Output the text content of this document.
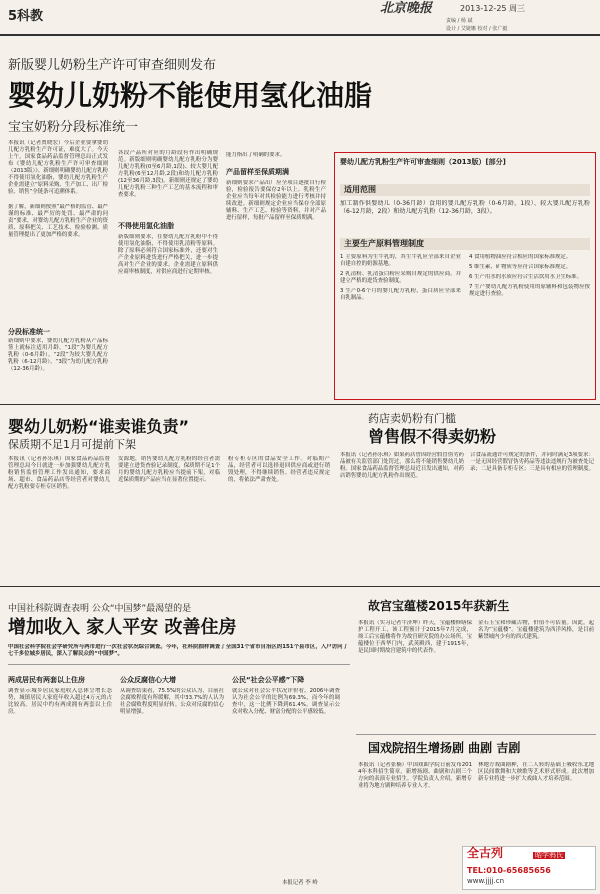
5科教
北京晚报	2013-12-25 周三
责编 / 杨 斌
设计 / 艾婕娜 校对 / 张广毅
新版婴儿奶粉生产许可审查细则发布
婴幼儿奶粉不能使用氢化油脂
宝宝奶粉分段标准统一
本报讯（记者贾晓宏）今后企业要拿婴幼儿配方乳粉生产许可证，难度大了。今天上午，国家食品药品监督管理总局正式发布《婴幼儿配方乳粉生产许可审查细则（2013版）》。新细则明确婴幼儿配方乳粉不得使用氢化油脂，婴幼儿配方乳粉生产企业需建立“原料采购、生产加工、出厂检验、销售”全链条可追溯体系。
据了解，新细则按照“最严格的监管、最严谨的标准、最严厉的处罚、最严肃的问责”要求，对婴幼儿配方乳粉生产企业的资质、原料把关、工艺技术、检验检测、质量管理提出了更加严格的要求。
分段标准统一
新细则中要求，婴幼儿配方乳粉从产品标签上就标注适用月龄。“1段”为婴儿配方乳粉（0-6月龄），“2段”为较大婴儿配方乳粉（6-12月龄），“3段”为幼儿配方乳粉（12-36月龄）。
各段产品所对应的月龄段有作出明确规范。新版细则明确婴幼儿配方乳粉分为婴儿配方乳粉(0至6月龄,1段)、较大婴儿配方乳粉(6至12月龄,2段)和幼儿配方乳粉(12至36月龄,3段)。新细则还规定了婴幼儿配方乳粉三种生产工艺的基本流程和审查要求。
不得使用氢化油脂
新版细则要求，在婴幼儿配方乳粉中不得使用氢化油脂，不得使用乳清粉等原料。除了原料必须符合国家标准外，还要对生产企业原料进货进行严格把关，进一步提高对生产企业的要求。企业需建立原料供应商审核制度，对供应商进行定期审核。
能力指出了明确的要求。
产品留样至保质期满
新细则要求产品出厂应全项目逐批自行检验，检验报告要保存2年以上。乳粉生产企业应当每年对其检验能力进行考核并持续改进。新细则规定企业应当保存全部原辅料、生产工艺、检验等资料，并对产品进行留样，每批产品留样至保质期满。
婴幼儿配方乳粉生产许可审查细则（2013版）[部分]
适用范围
加工制作供婴幼儿（0-36月龄）食用的婴儿配方乳粉（0-6月龄，1段）、较大婴儿配方乳粉（6-12月龄，2段）和幼儿配方乳粉（12-36月龄，3段）。
主要生产原料管理制度
1 主要原料为生牛乳的，其生牛乳应全部来自企业自建自控的奶源基地。
2 乳清粉、乳清蛋白粉应采购自规定的供应商，并建立严格的进货查验制度。
3 生产0-6个月的婴儿配方乳粉，蛋白质应全部来自乳制品。
4 食用植物油应符合相应的国家标准规定。
5 维生素、矿物质等应符合国家标准规定。
6 生产用水的水质应符合生活饮用水卫生标准。
7 生产婴幼儿配方乳粉使用的原辅料和包装物应按规定进行查验。
婴幼儿奶粉“谁卖谁负责”
保质期不足1月可提前下架
本报讯（记者孙乐琪）国家食品药品监督管理总局今日就进一步加强婴幼儿配方乳粉销售监督管理工作发出通知，要求商场、超市、食品药品店等经营者对婴幼儿配方乳粉要专柜专区销售。
发源地，销售婴幼儿配方乳粉的经营者需要建立进货查验记录制度，保质期不足1个月的婴幼儿配方乳粉应当提前下架，对临近保质期的产品应当在显著位置提示。
粉专柜专区的食品安全工作。对临期产品，经营者可以选择退回供应商或进行销毁处理，不得继续销售。经营者违反规定的，将依法严肃查处。
药店卖奶粉有门槛
曾售假不得卖奶粉
本报讯（记者孙乐琪）如果药店曾因经营假冒伪劣药品被有关监管部门处罚过，那么将不能销售婴幼儿奶粉。国家食品药品监督管理总局近日发出通知，对药店销售婴幼儿配方乳粉作出规范。
合食品流通许可规定的条件，并同时满足3项要求：一是无因经营假冒伪劣药品等违法违规行为被查处记录；二是具备专柜专区；三是具有相应的管理制度。
中国社科院调查表明 公众“中国梦”最渴望的是
增加收入 家人平安 改善住房
中国社会科学院社会学研究所与两市进行一次社会状况综合调查。今年，社科院抽样调查了全国31个省市自治区的151个县市区，入户访问了七千多位城乡居民，深入了解民众的“中国梦”。
两成居民有两套以上住房
调查显示城乡居民家庭收入总体呈增长态势，城镇居民人家庭年收入超过4万元的占比较高。居民中约有两成拥有两套以上住房。
公众反腐信心大增
从调查结果看，75.5%的公众认为，目前社会腐败程度有所缓解，其中33.7%的人认为社会腐败程度明显好转。公众对反腐的信心明显增强。
公民“社会公平感”下降
就公众对社会公平状况评价看，2006年调查认为社会公平的比例为69.3%，而今年的调查中，这一比例下降到61.4%。调查显示公众对收入分配、财富分配的公平感较低。
本报记者 李 岭
故宫宝蕴楼2015年获新生
本报讯（实习记者牛济坤）昨天，宝蕴楼修缮保护工程开工，该工程预计于2015年7月完成，竣工后宝蕴楼将作为故宫研究院的办公场所。宝蕴楼位于西华门内，武英殿西，建于1915年，是民国时期故宫建筑中的代表作。
金石玉宝和珍藏古物，价值不可估量。因此，起名为“宝蕴楼”。宝蕴楼建筑为西洋风格，是目前紫禁城内少有的西式建筑。
国戏院招生增扬剧 曲剧 吉剧
本报讯（记者张楠）中国戏曲学院日前发布2014年本科招生简章，新增扬剧、曲剧和吉剧三个方向的表演专业招生。学院负责人介绍，新增专业将为地方剧种培养专业人才。
林地方戏曲剧种，在二人转的基础上吸收东北地区民间歌舞和大秧歌等艺术形式形成。此次增加新专业将进一步扩大戏曲人才培养范围。
全古列	皓学鸦氏
TEL:010-65685656
www.jjjj.cn
